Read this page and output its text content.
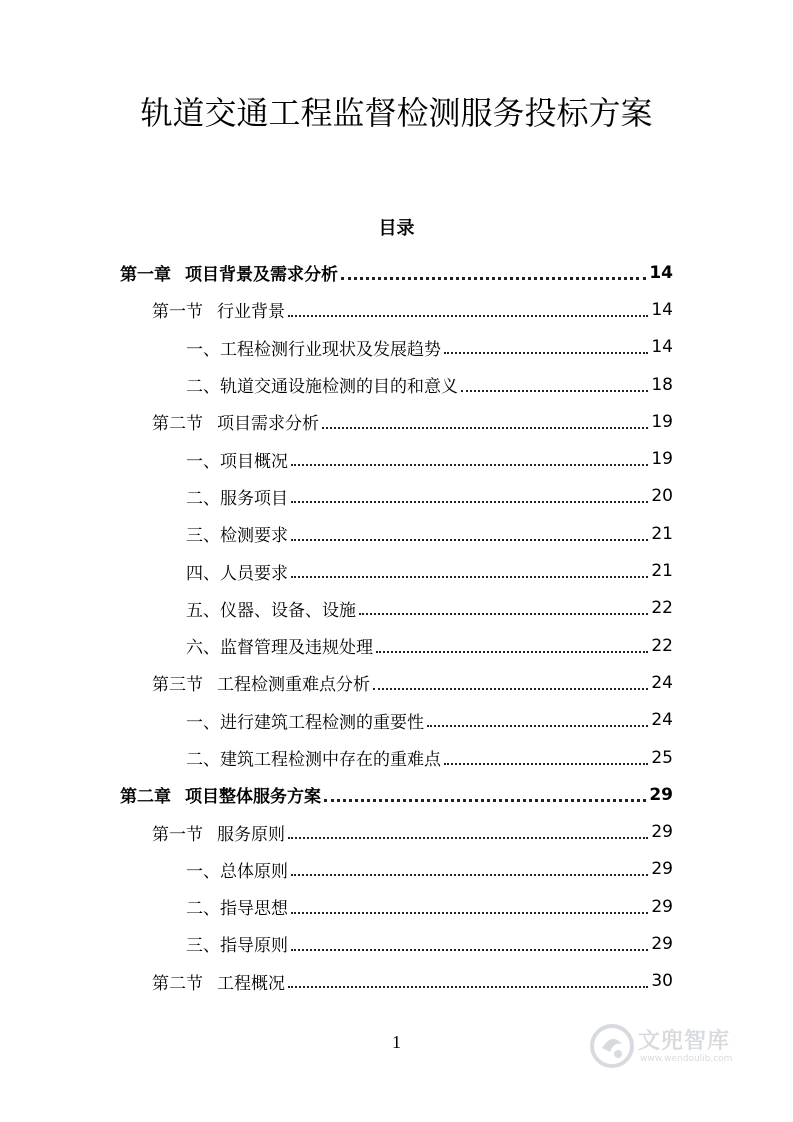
轨道交通工程监督检测服务投标方案
目录
第一章 项目背景及需求分析	14
第一节 行业背景	14
一、工程检测行业现状及发展趋势	14
二、轨道交通设施检测的目的和意义	18
第二节 项目需求分析	19
一、项目概况	19
二、服务项目	20
三、检测要求	21
四、人员要求	21
五、仪器、设备、设施	22
六、监督管理及违规处理	22
第三节 工程检测重难点分析	24
一、进行建筑工程检测的重要性	24
二、建筑工程检测中存在的重难点	25
第二章 项目整体服务方案	29
第一节 服务原则	29
一、总体原则	29
二、指导思想	29
三、指导原则	29
第二节 工程概况	30
1	文兜智库
www.wendoulib.com
